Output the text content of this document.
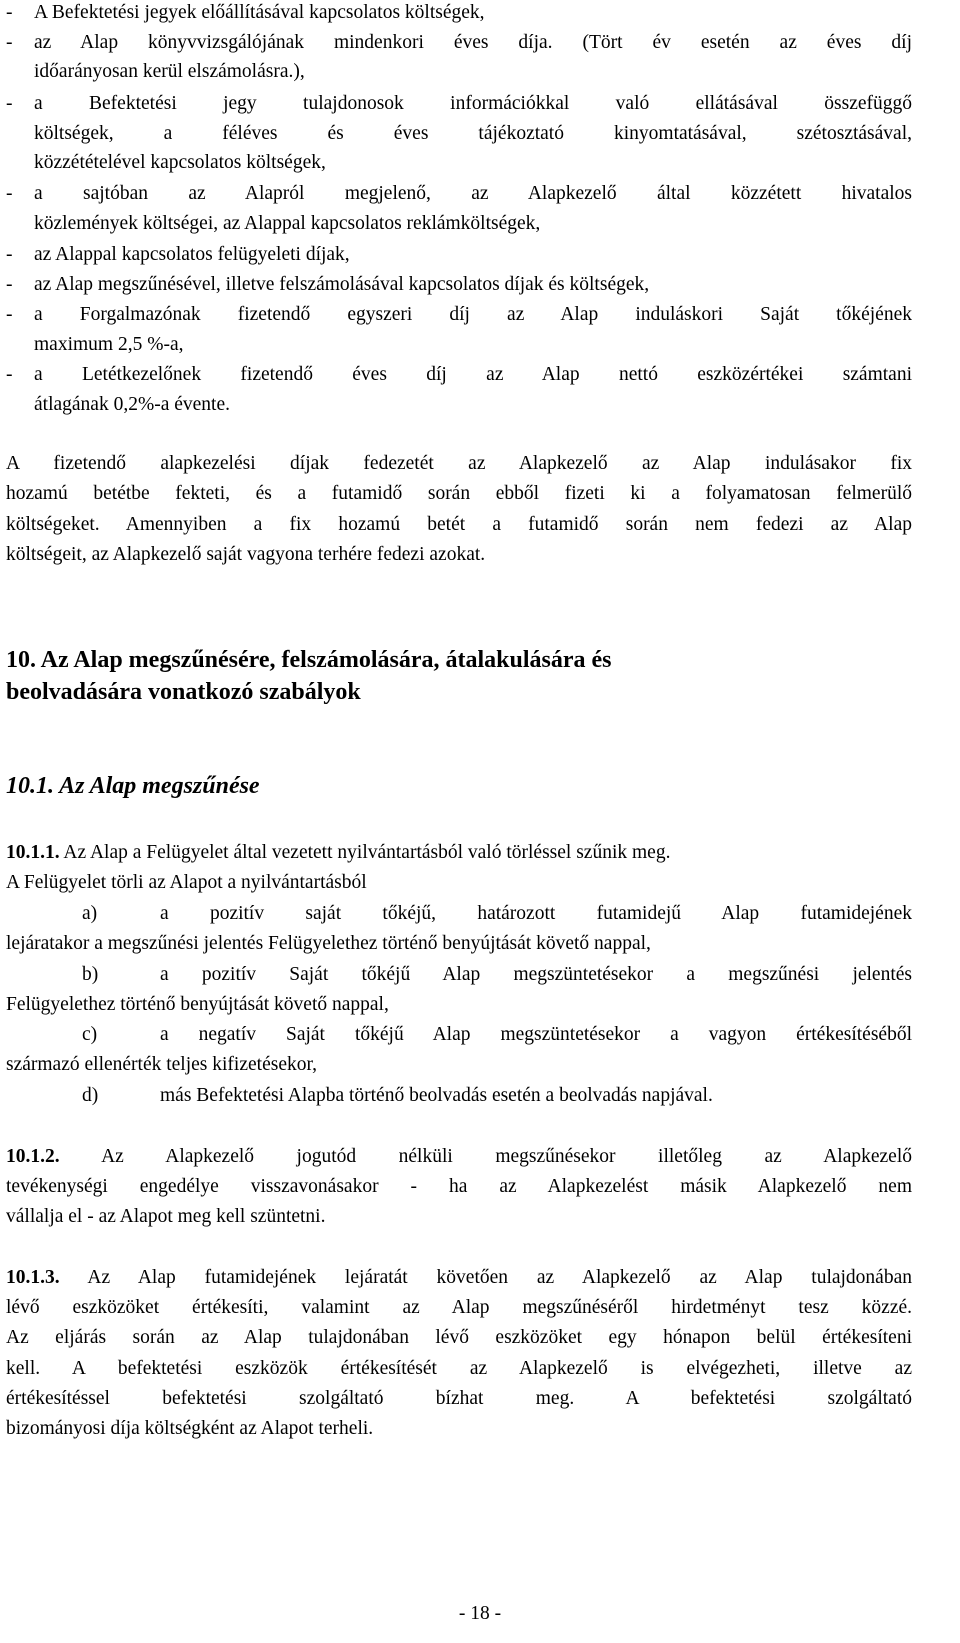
-	A Befektetési jegyek előállításával kapcsolatos költségek,
-	az Alap könyvvizsgálójának mindenkori éves díja. (Tört év esetén az éves díj
időarányosan kerül elszámolásra.),
-	a Befektetési jegy tulajdonosok információkkal való ellátásával összefüggő
költségek, a féléves és éves tájékoztató kinyomtatásával, szétosztásával,
közzétételével kapcsolatos költségek,
-	a sajtóban az Alapról megjelenő, az Alapkezelő által közzétett hivatalos
közlemények költségei, az Alappal kapcsolatos reklámköltségek,
-	az Alappal kapcsolatos felügyeleti díjak,
-	az Alap megszűnésével, illetve felszámolásával kapcsolatos díjak és költségek,
-	a Forgalmazónak fizetendő egyszeri díj az Alap induláskori Saját tőkéjének
maximum 2,5 %-a,
-	a Letétkezelőnek fizetendő éves díj az Alap nettó eszközértékei számtani
átlagának 0,2%-a évente.
A fizetendő alapkezelési díjak fedezetét az Alapkezelő az Alap indulásakor fix
hozamú betétbe fekteti, és a futamidő során ebből fizeti ki a folyamatosan felmerülő
költségeket. Amennyiben a fix hozamú betét a futamidő során nem fedezi az Alap
költségeit, az Alapkezelő saját vagyona terhére fedezi azokat.
10. Az Alap megszűnésére, felszámolására, átalakulására és
beolvadására vonatkozó szabályok
10.1. Az Alap megszűnése
10.1.1. Az Alap a Felügyelet által vezetett nyilvántartásból való törléssel szűnik meg.
A Felügyelet törli az Alapot a nyilvántartásból
a)	a pozitív saját tőkéjű, határozott futamidejű Alap futamidejének
lejáratakor a megszűnési jelentés Felügyelethez történő benyújtását követő nappal,
b)	a pozitív Saját tőkéjű Alap megszüntetésekor a megszűnési jelentés
Felügyelethez történő benyújtását követő nappal,
c)	a negatív Saját tőkéjű Alap megszüntetésekor a vagyon értékesítéséből
származó ellenérték teljes kifizetésekor,
d)	más Befektetési Alapba történő beolvadás esetén a beolvadás napjával.
10.1.2. Az Alapkezelő jogutód nélküli megszűnésekor illetőleg az Alapkezelő
tevékenységi engedélye visszavonásakor - ha az Alapkezelést másik Alapkezelő nem
vállalja el - az Alapot meg kell szüntetni.
10.1.3. Az Alap futamidejének lejáratát követően az Alapkezelő az Alap tulajdonában
lévő eszközöket értékesíti, valamint az Alap megszűnéséről hirdetményt tesz közzé.
Az eljárás során az Alap tulajdonában lévő eszközöket egy hónapon belül értékesíteni
kell. A befektetési eszközök értékesítését az Alapkezelő is elvégezheti, illetve az
értékesítéssel befektetési szolgáltató bízhat meg. A befektetési szolgáltató
bizományosi díja költségként az Alapot terheli.
- 18 -
